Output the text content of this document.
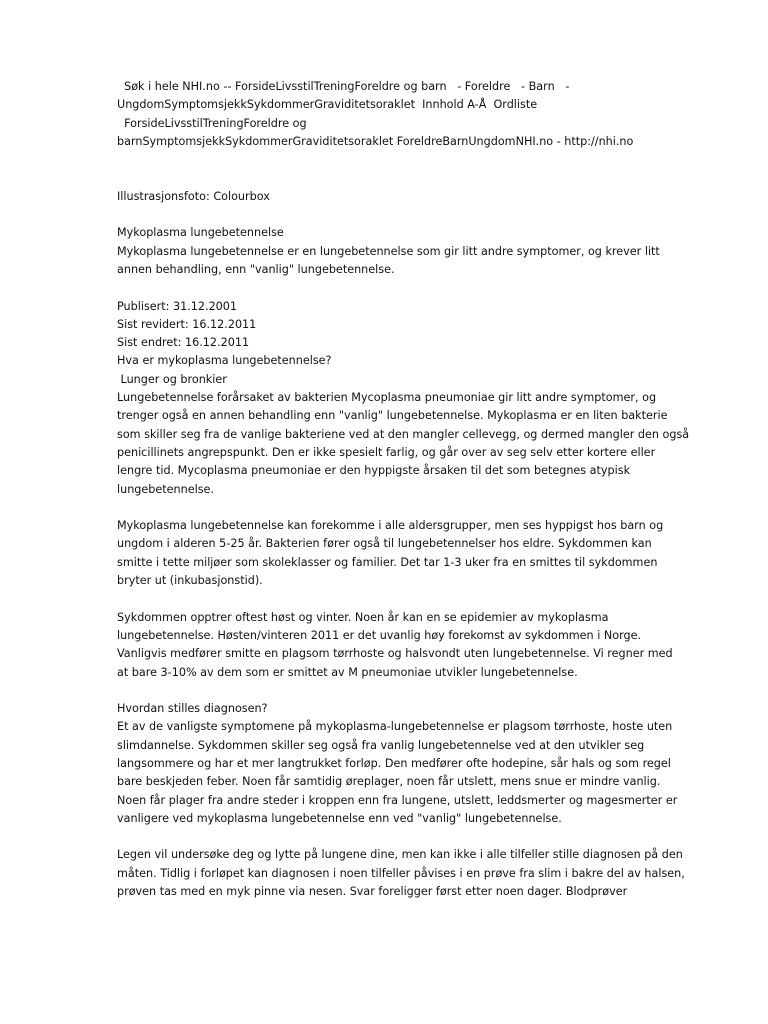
Søk i hele NHI.no -- ForsideLivsstilTreningForeldre og barn   - Foreldre   - Barn   -
UngdomSymptomsjekkSykdommerGraviditetsoraklet  Innhold A-Å  Ordliste
ForsideLivsstilTreningForeldre og
barnSymptomsjekkSykdommerGraviditetsoraklet ForeldreBarnUngdomNHI.no - http://nhi.no
Illustrasjonsfoto: Colourbox
Mykoplasma lungebetennelse
Mykoplasma lungebetennelse er en lungebetennelse som gir litt andre symptomer, og krever litt
annen behandling, enn "vanlig" lungebetennelse.
Publisert: 31.12.2001
Sist revidert: 16.12.2011
Sist endret: 16.12.2011
Hva er mykoplasma lungebetennelse?
Lunger og bronkier
Lungebetennelse forårsaket av bakterien Mycoplasma pneumoniae gir litt andre symptomer, og
trenger også en annen behandling enn "vanlig" lungebetennelse. Mykoplasma er en liten bakterie
som skiller seg fra de vanlige bakteriene ved at den mangler cellevegg, og dermed mangler den også
penicillinets angrepspunkt. Den er ikke spesielt farlig, og går over av seg selv etter kortere eller
lengre tid. Mycoplasma pneumoniae er den hyppigste årsaken til det som betegnes atypisk
lungebetennelse.
Mykoplasma lungebetennelse kan forekomme i alle aldersgrupper, men ses hyppigst hos barn og
ungdom i alderen 5-25 år. Bakterien fører også til lungebetennelser hos eldre. Sykdommen kan
smitte i tette miljøer som skoleklasser og familier. Det tar 1-3 uker fra en smittes til sykdommen
bryter ut (inkubasjonstid).
Sykdommen opptrer oftest høst og vinter. Noen år kan en se epidemier av mykoplasma
lungebetennelse. Høsten/vinteren 2011 er det uvanlig høy forekomst av sykdommen i Norge.
Vanligvis medfører smitte en plagsom tørrhoste og halsvondt uten lungebetennelse. Vi regner med
at bare 3-10% av dem som er smittet av M pneumoniae utvikler lungebetennelse.
Hvordan stilles diagnosen?
Et av de vanligste symptomene på mykoplasma-lungebetennelse er plagsom tørrhoste, hoste uten
slimdannelse. Sykdommen skiller seg også fra vanlig lungebetennelse ved at den utvikler seg
langsommere og har et mer langtrukket forløp. Den medfører ofte hodepine, sår hals og som regel
bare beskjeden feber. Noen får samtidig øreplager, noen får utslett, mens snue er mindre vanlig.
Noen får plager fra andre steder i kroppen enn fra lungene, utslett, leddsmerter og magesmerter er
vanligere ved mykoplasma lungebetennelse enn ved "vanlig" lungebetennelse.
Legen vil undersøke deg og lytte på lungene dine, men kan ikke i alle tilfeller stille diagnosen på den
måten. Tidlig i forløpet kan diagnosen i noen tilfeller påvises i en prøve fra slim i bakre del av halsen,
prøven tas med en myk pinne via nesen. Svar foreligger først etter noen dager. Blodprøver
